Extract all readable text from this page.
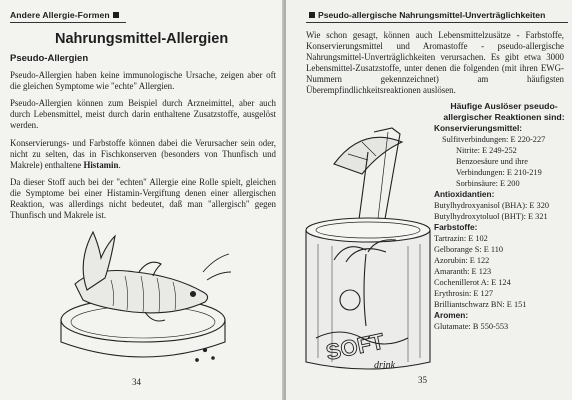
Andere Allergie-Formen
Nahrungsmittel-Allergien
Pseudo-Allergien

Pseudo-Allergien haben keine immunologische Ursache, zeigen aber oft die gleichen Symptome wie "echte" Allergien.

Pseudo-Allergien können zum Beispiel durch Arzneimittel, aber auch durch Lebensmittel, meist durch darin enthaltene Zusatzstoffe, ausgelöst werden.

Konservierungs- und Farbstoffe können dabei die Verursacher sein oder, nicht zu selten, das in Fischkonserven (besonders von Thunfisch und Makrele) enthaltene Histamin.

Da dieser Stoff auch bei der "echten" Allergie eine Rolle spielt, gleichen die Symptome bei einer Histamin-Vergiftung denen einer allergischen Reaktion, was allerdings nicht bedeutet, daß man "allergisch" gegen Thunfisch und Makrele ist.

34
Pseudo-allergische Nahrungsmittel-Unverträglichkeiten

Wie schon gesagt, können auch Lebensmittelzusätze - Farbstoffe, Konservierungsmittel und Aromastoffe - pseudo-allergische Nahrungsmittel-Unverträglichkeiten verursachen. Es gibt etwa 3000 Lebensmittel-Zusatzstoffe, unter denen die folgenden (mit ihren EWG-Nummern gekennzeichnet) am häufigsten Überempfindlichkeitsreaktionen auslösen.

SOFT
drink
Häufige Auslöser pseudo-allergischer Reaktionen sind:
Konservierungsmittel:
Sulfitverbindungen: E 220-227
Nitrite: E 249-252
Benzoesäure und ihre Verbindungen: E 210-219
Sorbinsäure: E 200
Antioxidantien:
Butylhydroxyanisol (BHA): E 320
Butylhydroxytoluol (BHT): E 321
Farbstoffe:
Tartrazin: E 102
Gelborange S: E 110
Azorubin: E 122
Amaranth: E 123
Cochenillerot A: E 124
Erythrosin: E 127
Brilliantschwarz BN: E 151
Aromen:
Glutamate: B 550-553
35
